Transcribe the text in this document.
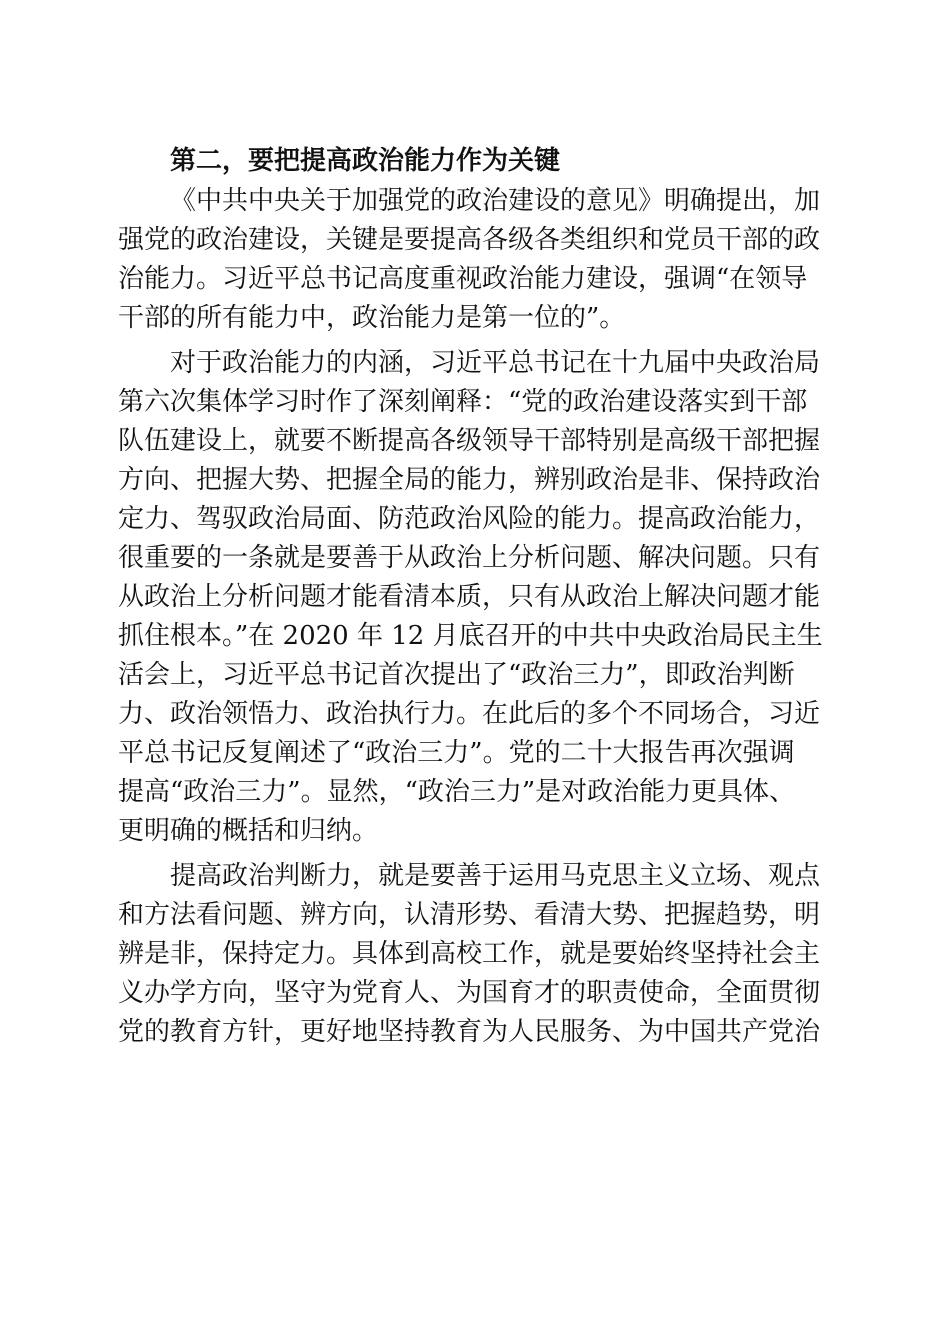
第二，要把提高政治能力作为关键
《中共中央关于加强党的政治建设的意见》明确提出，加
强党的政治建设，关键是要提高各级各类组织和党员干部的政
治能力。习近平总书记高度重视政治能力建设，强调“在领导
干部的所有能力中，政治能力是第一位的”。
对于政治能力的内涵，习近平总书记在十九届中央政治局
第六次集体学习时作了深刻阐释：“党的政治建设落实到干部
队伍建设上，就要不断提高各级领导干部特别是高级干部把握
方向、把握大势、把握全局的能力，辨别政治是非、保持政治
定力、驾驭政治局面、防范政治风险的能力。提高政治能力，
很重要的一条就是要善于从政治上分析问题、解决问题。只有
从政治上分析问题才能看清本质，只有从政治上解决问题才能
抓住根本。”在 2020 年 12 月底召开的中共中央政治局民主生
活会上，习近平总书记首次提出了“政治三力”，即政治判断
力、政治领悟力、政治执行力。在此后的多个不同场合，习近
平总书记反复阐述了“政治三力”。党的二十大报告再次强调
提高“政治三力”。显然，“政治三力”是对政治能力更具体、
更明确的概括和归纳。
提高政治判断力，就是要善于运用马克思主义立场、观点
和方法看问题、辨方向，认清形势、看清大势、把握趋势，明
辨是非，保持定力。具体到高校工作，就是要始终坚持社会主
义办学方向，坚守为党育人、为国育才的职责使命，全面贯彻
党的教育方针，更好地坚持教育为人民服务、为中国共产党治
